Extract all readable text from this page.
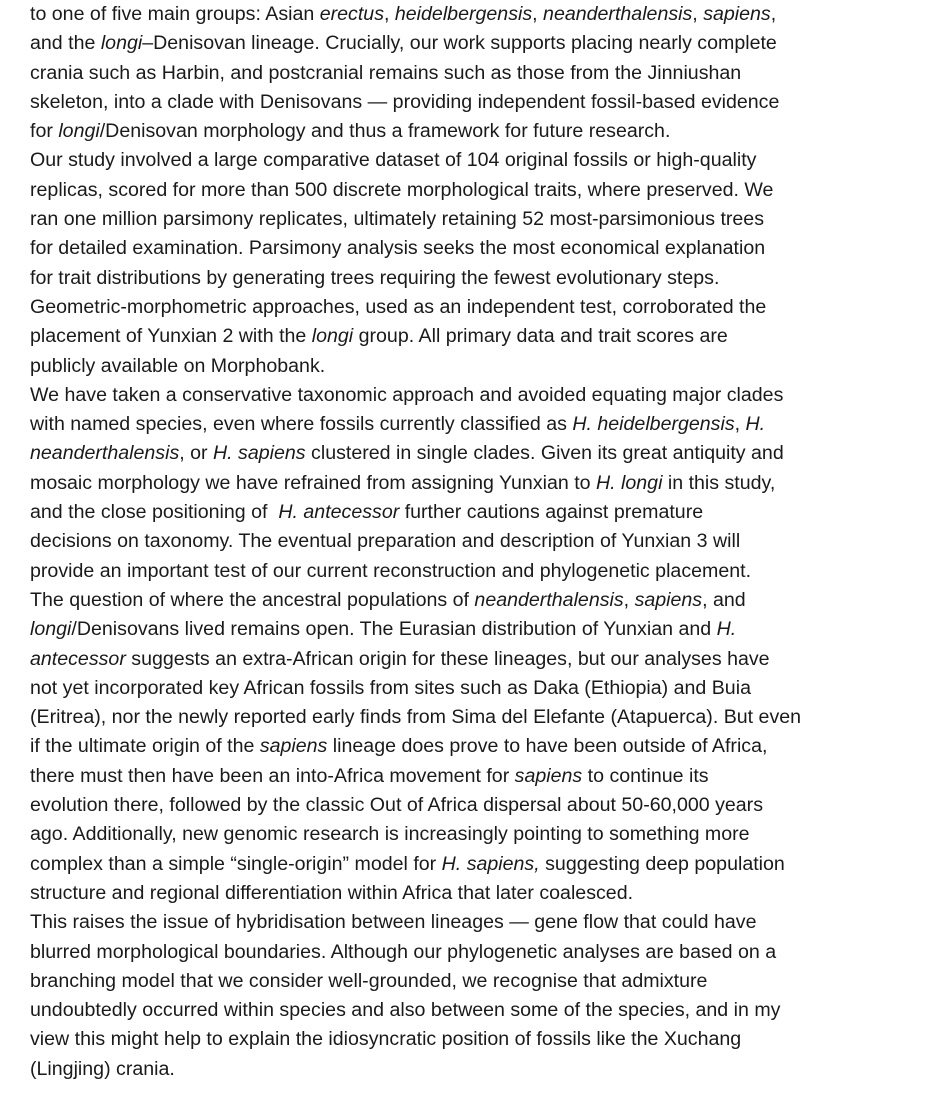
to one of five main groups: Asian erectus, heidelbergensis, neanderthalensis, sapiens,
and the longi–Denisovan lineage. Crucially, our work supports placing nearly complete
crania such as Harbin, and postcranial remains such as those from the Jinniushan
skeleton, into a clade with Denisovans — providing independent fossil-based evidence
for longi/Denisovan morphology and thus a framework for future research.
Our study involved a large comparative dataset of 104 original fossils or high-quality
replicas, scored for more than 500 discrete morphological traits, where preserved. We
ran one million parsimony replicates, ultimately retaining 52 most-parsimonious trees
for detailed examination. Parsimony analysis seeks the most economical explanation
for trait distributions by generating trees requiring the fewest evolutionary steps.
Geometric-morphometric approaches, used as an independent test, corroborated the
placement of Yunxian 2 with the longi group. All primary data and trait scores are
publicly available on Morphobank.
We have taken a conservative taxonomic approach and avoided equating major clades
with named species, even where fossils currently classified as H. heidelbergensis, H.
neanderthalensis, or H. sapiens clustered in single clades. Given its great antiquity and
mosaic morphology we have refrained from assigning Yunxian to H. longi in this study,
and the close positioning of  H. antecessor further cautions against premature
decisions on taxonomy. The eventual preparation and description of Yunxian 3 will
provide an important test of our current reconstruction and phylogenetic placement.
The question of where the ancestral populations of neanderthalensis, sapiens, and
longi/Denisovans lived remains open. The Eurasian distribution of Yunxian and H.
antecessor suggests an extra-African origin for these lineages, but our analyses have
not yet incorporated key African fossils from sites such as Daka (Ethiopia) and Buia
(Eritrea), nor the newly reported early finds from Sima del Elefante (Atapuerca). But even
if the ultimate origin of the sapiens lineage does prove to have been outside of Africa,
there must then have been an into-Africa movement for sapiens to continue its
evolution there, followed by the classic Out of Africa dispersal about 50-60,000 years
ago. Additionally, new genomic research is increasingly pointing to something more
complex than a simple “single-origin” model for H. sapiens, suggesting deep population
structure and regional differentiation within Africa that later coalesced.
This raises the issue of hybridisation between lineages — gene flow that could have
blurred morphological boundaries. Although our phylogenetic analyses are based on a
branching model that we consider well-grounded, we recognise that admixture
undoubtedly occurred within species and also between some of the species, and in my
view this might help to explain the idiosyncratic position of fossils like the Xuchang
(Lingjing) crania.
